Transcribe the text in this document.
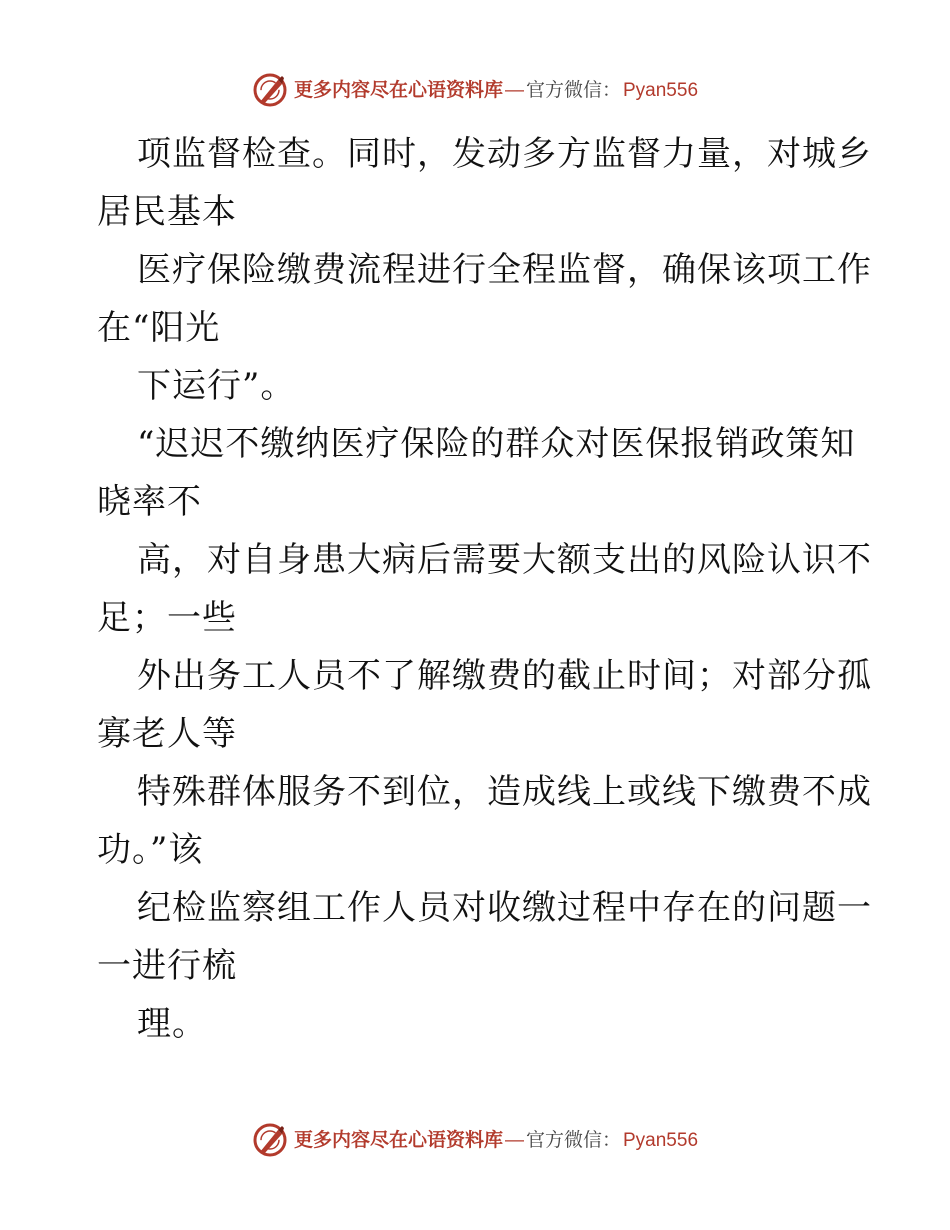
更多内容尽在心语资料库 — 官方微信： Pyan556
项监督检查。同时，发动多方监督力量，对城乡
居民基本
医疗保险缴费流程进行全程监督，确保该项工作
在“阳光
下运行”。
“迟迟不缴纳医疗保险的群众对医保报销政策知
晓率不
高，对自身患大病后需要大额支出的风险认识不
足；一些
外出务工人员不了解缴费的截止时间；对部分孤
寡老人等
特殊群体服务不到位，造成线上或线下缴费不成
功。”该
纪检监察组工作人员对收缴过程中存在的问题一
一进行梳
理。
更多内容尽在心语资料库 — 官方微信： Pyan556
